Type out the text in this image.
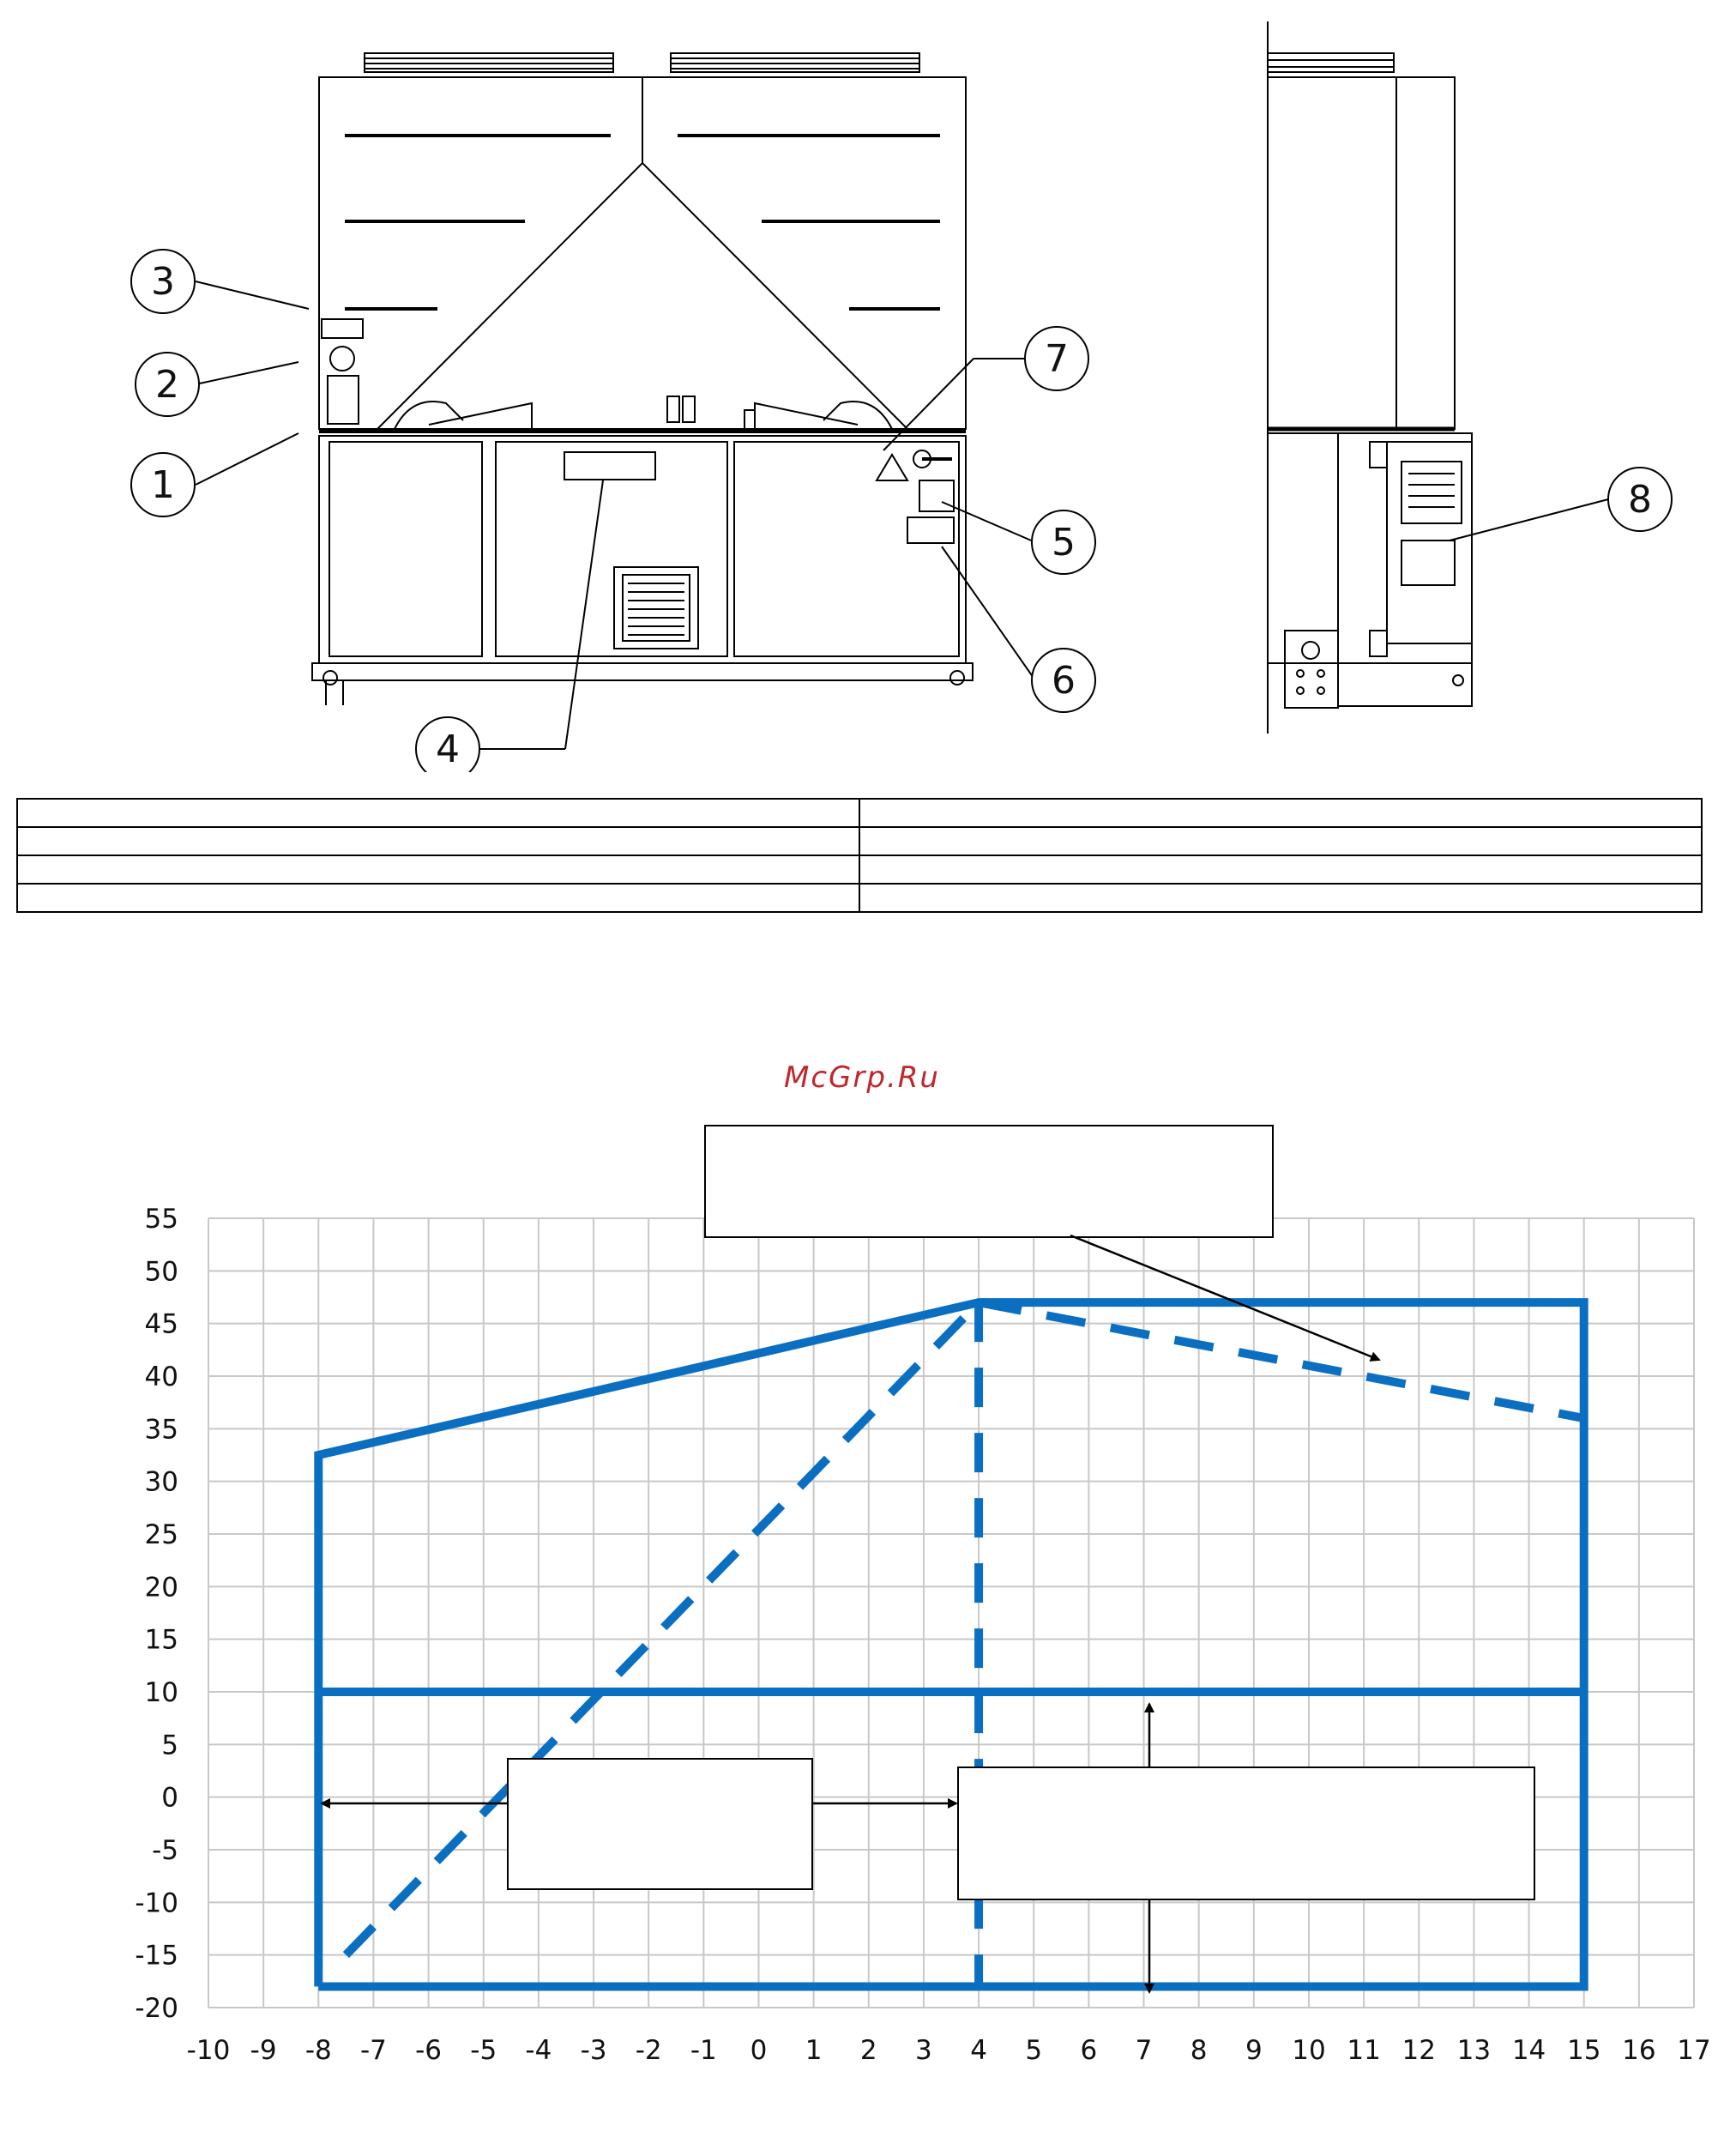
3
2
1
4
5
6
7
8

McGrp.Ru
-10 -9 -8 -7 -6 -5 -4 -3 -2 -1 0 1 2 3 4 5 6 7 8 9 10 11 12 13 14 15 16 17
55
50
45
40
35
30
25
20
15
10
5
0
-5
-10
-15
-20
